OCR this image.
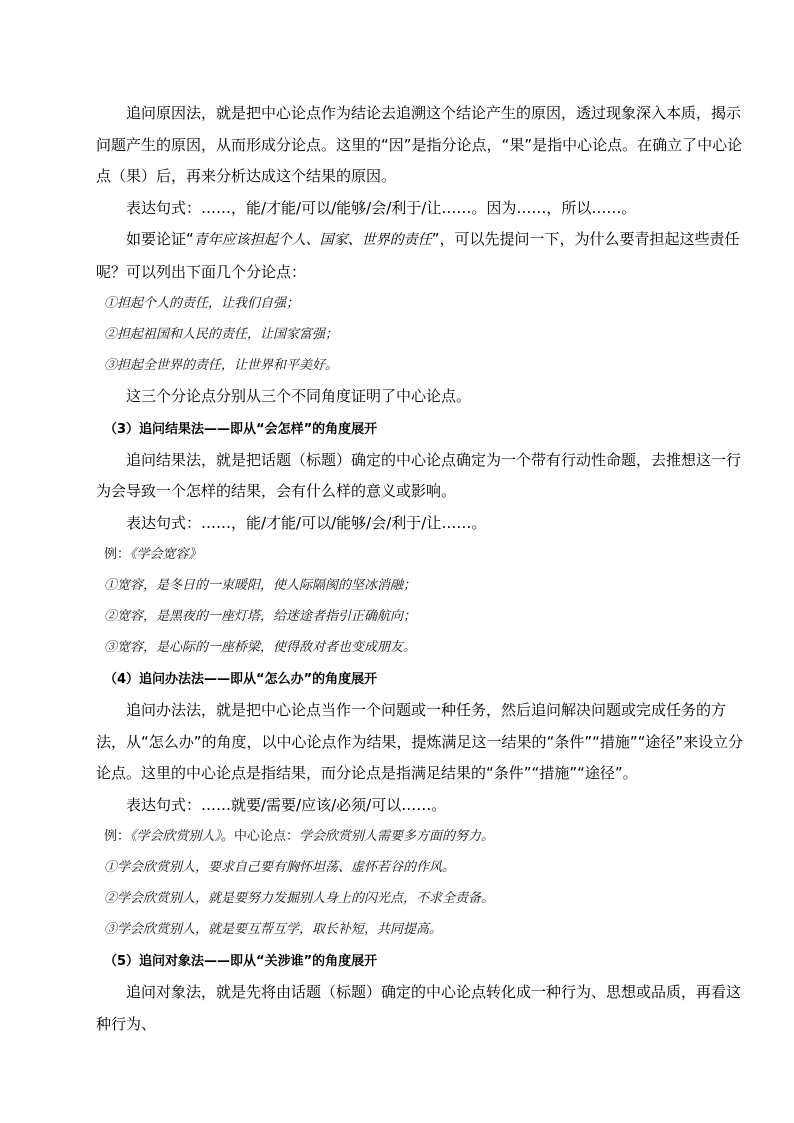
追问原因法，就是把中心论点作为结论去追溯这个结论产生的原因，透过现象深入本质，揭示问题产生的原因，从而形成分论点。这里的“因”是指分论点，“果”是指中心论点。在确立了中心论点（果）后，再来分析达成这个结果的原因。

表达句式：……，能/才能/可以/能够/会/利于/让……。因为……，所以……。

如要论证“青年应该担起个人、国家、世界的责任”，可以先提问一下，为什么要青担起这些责任呢？可以列出下面几个分论点：

①担起个人的责任，让我们自强；

②担起祖国和人民的责任，让国家富强；

③担起全世界的责任，让世界和平美好。

这三个分论点分别从三个不同角度证明了中心论点。

（3）追问结果法——即从“会怎样”的角度展开

追问结果法，就是把话题（标题）确定的中心论点确定为一个带有行动性命题，去推想这一行为会导致一个怎样的结果，会有什么样的意义或影响。

表达句式：……，能/才能/可以/能够/会/利于/让……。

例：《学会宽容》

①宽容，是冬日的一束暖阳，使人际隔阂的坚冰消融；

②宽容，是黑夜的一座灯塔，给迷途者指引正确航向；

③宽容，是心际的一座桥梁，使得敌对者也变成朋友。

（4）追问办法法——即从“怎么办”的角度展开

追问办法法，就是把中心论点当作一个问题或一种任务，然后追问解决问题或完成任务的方法，从“怎么办”的角度，以中心论点作为结果，提炼满足这一结果的“条件”“措施”“途径”来设立分论点。这里的中心论点是指结果，而分论点是指满足结果的“条件”“措施”“途径”。

表达句式：……就要/需要/应该/必须/可以……。

例：《学会欣赏别人》。中心论点：学会欣赏别人需要多方面的努力。

①学会欣赏别人，要求自己要有胸怀坦荡、虚怀若谷的作风。

②学会欣赏别人，就是要努力发掘别人身上的闪光点，不求全责备。

③学会欣赏别人，就是要互帮互学，取长补短，共同提高。

（5）追问对象法——即从“关涉谁”的角度展开

追问对象法，就是先将由话题（标题）确定的中心论点转化成一种行为、思想或品质，再看这种行为、
